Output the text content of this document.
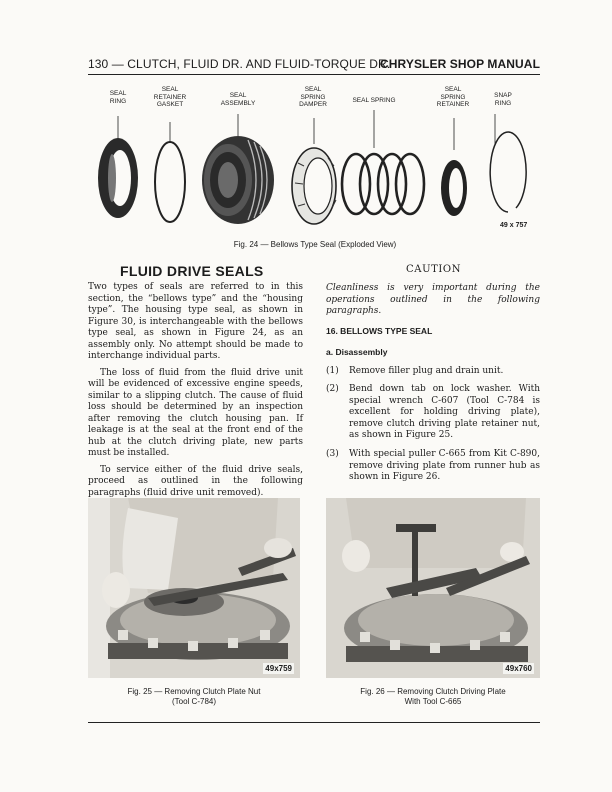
130 — CLUTCH, FLUID DR. AND FLUID-TORQUE DR.
CHRYSLER SHOP MANUAL
SEAL
RING
SEAL
RETAINER
GASKET
SEAL
ASSEMBLY
SEAL
SPRING
DAMPER
SEAL SPRING
SEAL
SPRING
RETAINER
SNAP
RING
49 x 757
Fig. 24 — Bellows Type Seal (Exploded View)
FLUID DRIVE SEALS

Two types of seals are referred to in this section, the “bellows type” and the “housing type”. The housing type seal, as shown in Figure 30, is interchangeable with the bellows type seal, as shown in Figure 24, as an assembly only. No attempt should be made to interchange individual parts.

The loss of fluid from the fluid drive unit will be evidenced of excessive engine speeds, similar to a slipping clutch. The cause of fluid loss should be determined by an inspection after removing the clutch housing pan. If leakage is at the seal at the front end of the hub at the clutch driving plate, new parts must be installed.

To service either of the fluid drive seals, proceed as outlined in the following paragraphs (fluid drive unit removed).

CAUTION
Cleanliness is very important during the operations outlined in the following paragraphs.
16. BELLOWS TYPE SEAL
a. Disassembly
(1) Remove filler plug and drain unit.
(2) Bend down tab on lock washer. With special wrench C-607 (Tool C-784 is excellent for holding driving plate), remove clutch driving plate retainer nut, as shown in Figure 25.
(3) With special puller C-665 from Kit C-890, remove driving plate from runner hub as shown in Figure 26.
49x759
Fig. 25 — Removing Clutch Plate Nut
(Tool C-784)
49x760
Fig. 26 — Removing Clutch Driving Plate
With Tool C-665
